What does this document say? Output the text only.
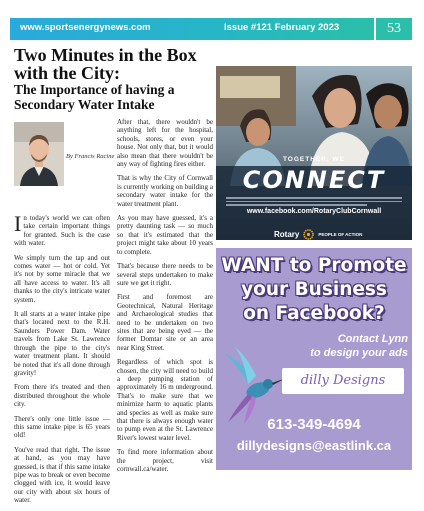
www.sportsenergynews.com	Issue #121 February 2023	53
Two Minutes in the Box with the City:
The Importance of having a Secondary Water Intake
By Francis Racine

In today's world we can often take certain important things for granted. Such is the case with water.

We simply turn the tap and out comes water — hot or cold. Yet it's not by some miracle that we all have access to water. It's all thanks to the city's intricate water system.

It all starts at a water intake pipe that's located next to the R.H. Saunders Power Dam. Water travels from Lake St. Lawrence through the pipe to the city's water treatment plant. It should be noted that it's all done through gravity!

From there it's treated and then distributed throughout the whole city.

There's only one little issue — this same intake pipe is 65 years old!

You've read that right. The issue at hand, as you may have guessed, is that if this same intake pipe was to break or even become clogged with ice, it would leave our city with about six hours of water.

After that, there wouldn't be anything left for the hospital, schools, stores, or even your house. Not only that, but it would also mean that there wouldn't be any way of fighting fires either.

That is why the City of Cornwall is currently working on building a secondary water intake for the water treatment plant.

As you may have guessed, it's a pretty daunting task — so much so that it's estimated that the project might take about 10 years to complete.

That's because there needs to be several steps undertaken to make sure we get it right.

First and foremost are Geotechnical, Natural Heritage and Archaeological studies that need to be undertaken on two sites that are being eyed — the former Domtar site or an area near King Street.

Regardless of which spot is chosen, the city will need to build a deep pumping station of approximately 16 m underground. That's to make sure that we minimize harm to aquatic plants and species as well as make sure that there is always enough water to pump even at the St. Lawrence River's lowest water level.

To find more information about the project, visit cornwall.ca/water.

TOGETHER, WE
CONNECT
www.facebook.com/RotaryClubCornwall
Rotary	PEOPLE OF ACTION
WANT to Promote
your Business
on Facebook?
Contact Lynn
to design your ads
dilly Designs
613-349-4694
dillydesigns@eastlink.ca
